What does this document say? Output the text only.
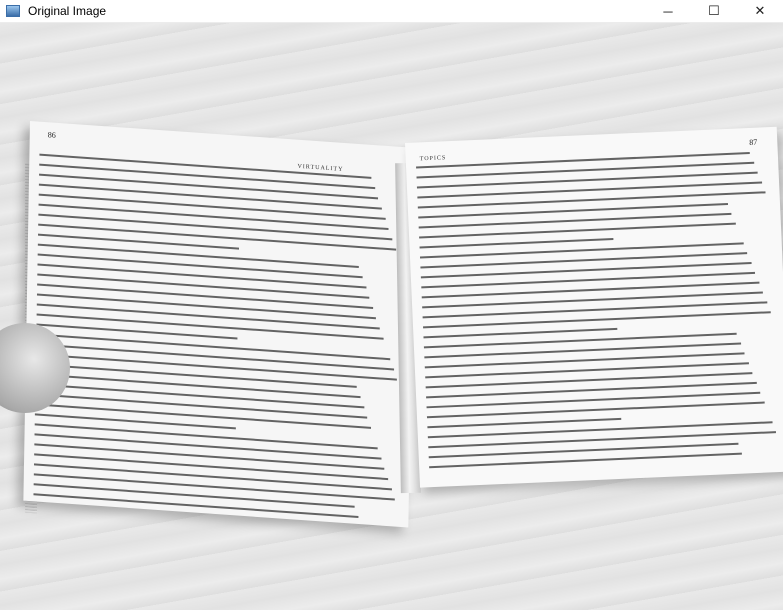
Original Image	─	☐	✕
86
VIRTUALITY
87
TOPICS
